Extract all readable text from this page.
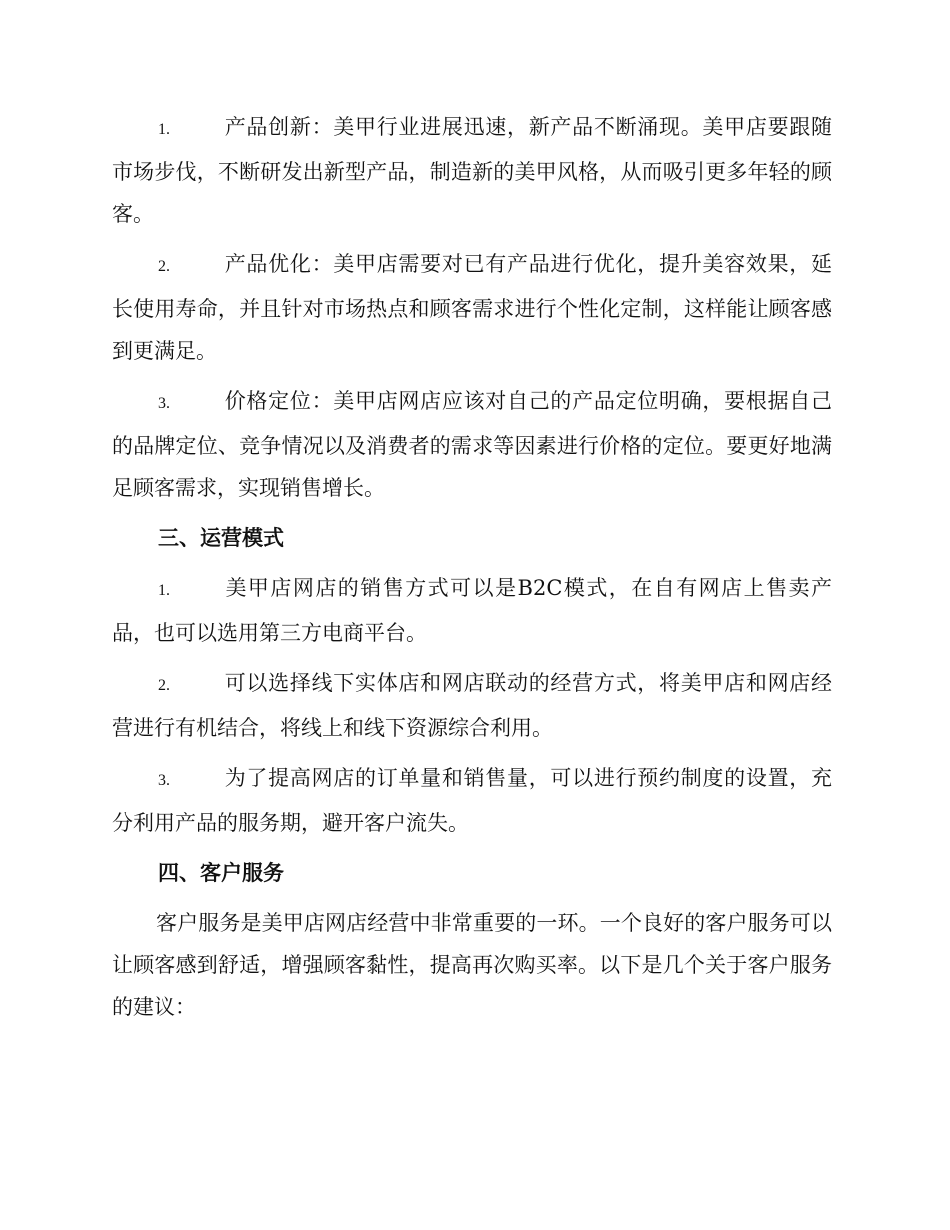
1.	产品创新：美甲行业进展迅速，新产品不断涌现。美甲店要跟随市场步伐，不断研发出新型产品，制造新的美甲风格，从而吸引更多年轻的顾客。

2.	产品优化：美甲店需要对已有产品进行优化，提升美容效果，延长使用寿命，并且针对市场热点和顾客需求进行个性化定制，这样能让顾客感到更满足。

3.	价格定位：美甲店网店应该对自己的产品定位明确，要根据自己的品牌定位、竞争情况以及消费者的需求等因素进行价格的定位。要更好地满足顾客需求，实现销售增长。

三、运营模式

1.	美甲店网店的销售方式可以是B2C模式，在自有网店上售卖产品，也可以选用第三方电商平台。

2.	可以选择线下实体店和网店联动的经营方式，将美甲店和网店经营进行有机结合，将线上和线下资源综合利用。

3.	为了提高网店的订单量和销售量，可以进行预约制度的设置，充分利用产品的服务期，避开客户流失。

四、客户服务

客户服务是美甲店网店经营中非常重要的一环。一个良好的客户服务可以让顾客感到舒适，增强顾客黏性，提高再次购买率。以下是几个关于客户服务的建议：
